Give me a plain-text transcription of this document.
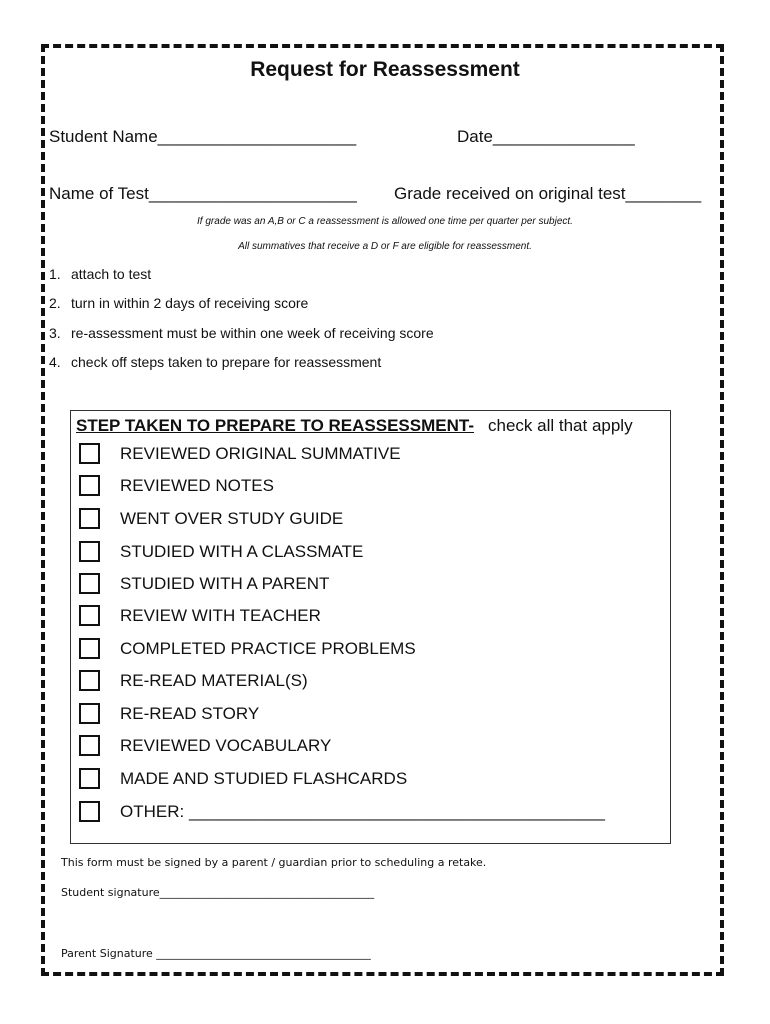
Request for Reassessment
Student Name_____________________	Date_______________
Name of Test______________________ Grade received on original test________
If grade was an A,B or C a reassessment is allowed one time per quarter per subject.
All summatives that receive a D or F are eligible for reassessment.
1. attach to test
2. turn in within 2 days of receiving score
3. re-assessment must be within one week of receiving score
4. check off steps taken to prepare for reassessment
STEP TAKEN TO PREPARE TO REASSESSMENT- check all that apply
REVIEWED ORIGINAL SUMMATIVE
REVIEWED NOTES
WENT OVER STUDY GUIDE
STUDIED WITH A CLASSMATE
STUDIED WITH A PARENT
REVIEW WITH TEACHER
COMPLETED PRACTICE PROBLEMS
RE-READ MATERIAL(S)
RE-READ STORY
REVIEWED VOCABULARY
MADE AND STUDIED FLASHCARDS
OTHER: ____________________________________________
This form must be signed by a parent / guardian prior to scheduling a retake.
Student signature_______________________________________
Parent Signature _______________________________________
